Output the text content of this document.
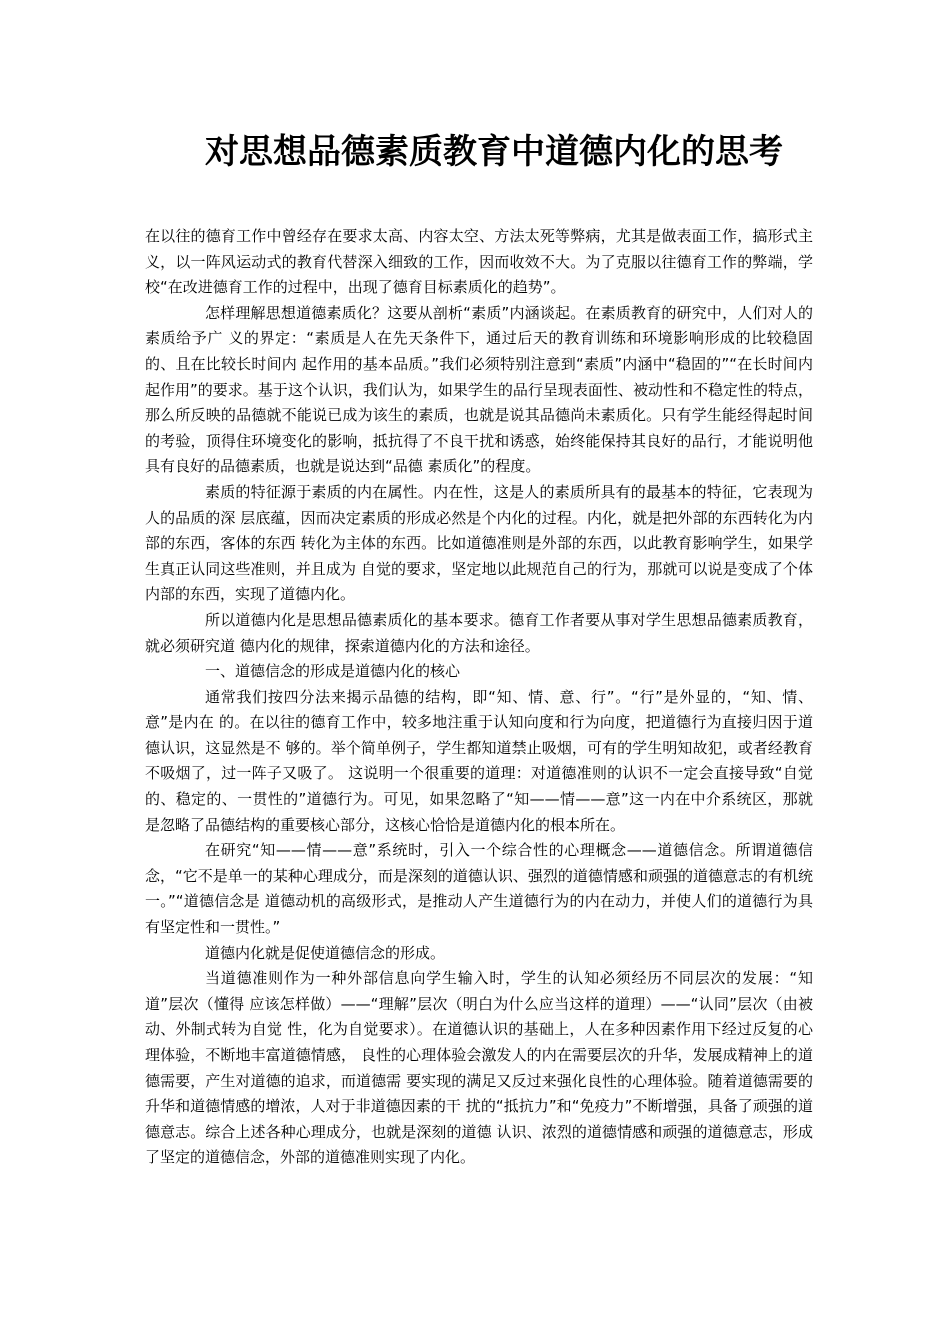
对思想品德素质教育中道德内化的思考

在以往的德育工作中曾经存在要求太高、内容太空、方法太死等弊病，尤其是做表面工作，搞形式主义，以一阵风运动式的教育代替深入细致的工作，因而收效不大。为了克服以往德育工作的弊端，学校“在改进德育工作的过程中，出现了德育目标素质化的趋势”。

怎样理解思想道德素质化？这要从剖析“素质”内涵谈起。在素质教育的研究中，人们对人的素质给予广 义的界定：“素质是人在先天条件下，通过后天的教育训练和环境影响形成的比较稳固的、且在比较长时间内 起作用的基本品质。”我们必须特别注意到“素质”内涵中“稳固的”“在长时间内起作用”的要求。基于这个认识，我们认为，如果学生的品行呈现表面性、被动性和不稳定性的特点，那么所反映的品德就不能说已成为该生的素质，也就是说其品德尚未素质化。只有学生能经得起时间的考验，顶得住环境变化的影响，抵抗得了不良干扰和诱惑，始终能保持其良好的品行，才能说明他具有良好的品德素质，也就是说达到“品德 素质化”的程度。

素质的特征源于素质的内在属性。内在性，这是人的素质所具有的最基本的特征，它表现为人的品质的深 层底蕴，因而决定素质的形成必然是个内化的过程。内化，就是把外部的东西转化为内部的东西，客体的东西 转化为主体的东西。比如道德准则是外部的东西，以此教育影响学生，如果学生真正认同这些准则，并且成为 自觉的要求，坚定地以此规范自己的行为，那就可以说是变成了个体内部的东西，实现了道德内化。

所以道德内化是思想品德素质化的基本要求。德育工作者要从事对学生思想品德素质教育，就必须研究道 德内化的规律，探索道德内化的方法和途径。

一、道德信念的形成是道德内化的核心

通常我们按四分法来揭示品德的结构，即“知、情、意、行”。“行”是外显的，“知、情、意”是内在 的。在以往的德育工作中，较多地注重于认知向度和行为向度，把道德行为直接归因于道德认识，这显然是不 够的。举个简单例子，学生都知道禁止吸烟，可有的学生明知故犯，或者经教育不吸烟了，过一阵子又吸了。 这说明一个很重要的道理：对道德准则的认识不一定会直接导致“自觉的、稳定的、一贯性的”道德行为。可见，如果忽略了“知——情——意”这一内在中介系统区，那就是忽略了品德结构的重要核心部分，这核心恰恰是道德内化的根本所在。

在研究“知——情——意”系统时，引入一个综合性的心理概念——道德信念。所谓道德信念，“它不是单一的某种心理成分，而是深刻的道德认识、强烈的道德情感和顽强的道德意志的有机统一。”“道德信念是 道德动机的高级形式，是推动人产生道德行为的内在动力，并使人们的道德行为具有坚定性和一贯性。”

道德内化就是促使道德信念的形成。

当道德准则作为一种外部信息向学生输入时，学生的认知必须经历不同层次的发展：“知道”层次（懂得 应该怎样做）——“理解”层次（明白为什么应当这样的道理）——“认同”层次（由被动、外制式转为自觉 性，化为自觉要求）。在道德认识的基础上，人在多种因素作用下经过反复的心理体验，不断地丰富道德情感， 良性的心理体验会激发人的内在需要层次的升华，发展成精神上的道德需要，产生对道德的追求，而道德需 要实现的满足又反过来强化良性的心理体验。随着道德需要的升华和道德情感的增浓，人对于非道德因素的干 扰的“抵抗力”和“免疫力”不断增强，具备了顽强的道德意志。综合上述各种心理成分，也就是深刻的道德 认识、浓烈的道德情感和顽强的道德意志，形成了坚定的道德信念，外部的道德准则实现了内化。
